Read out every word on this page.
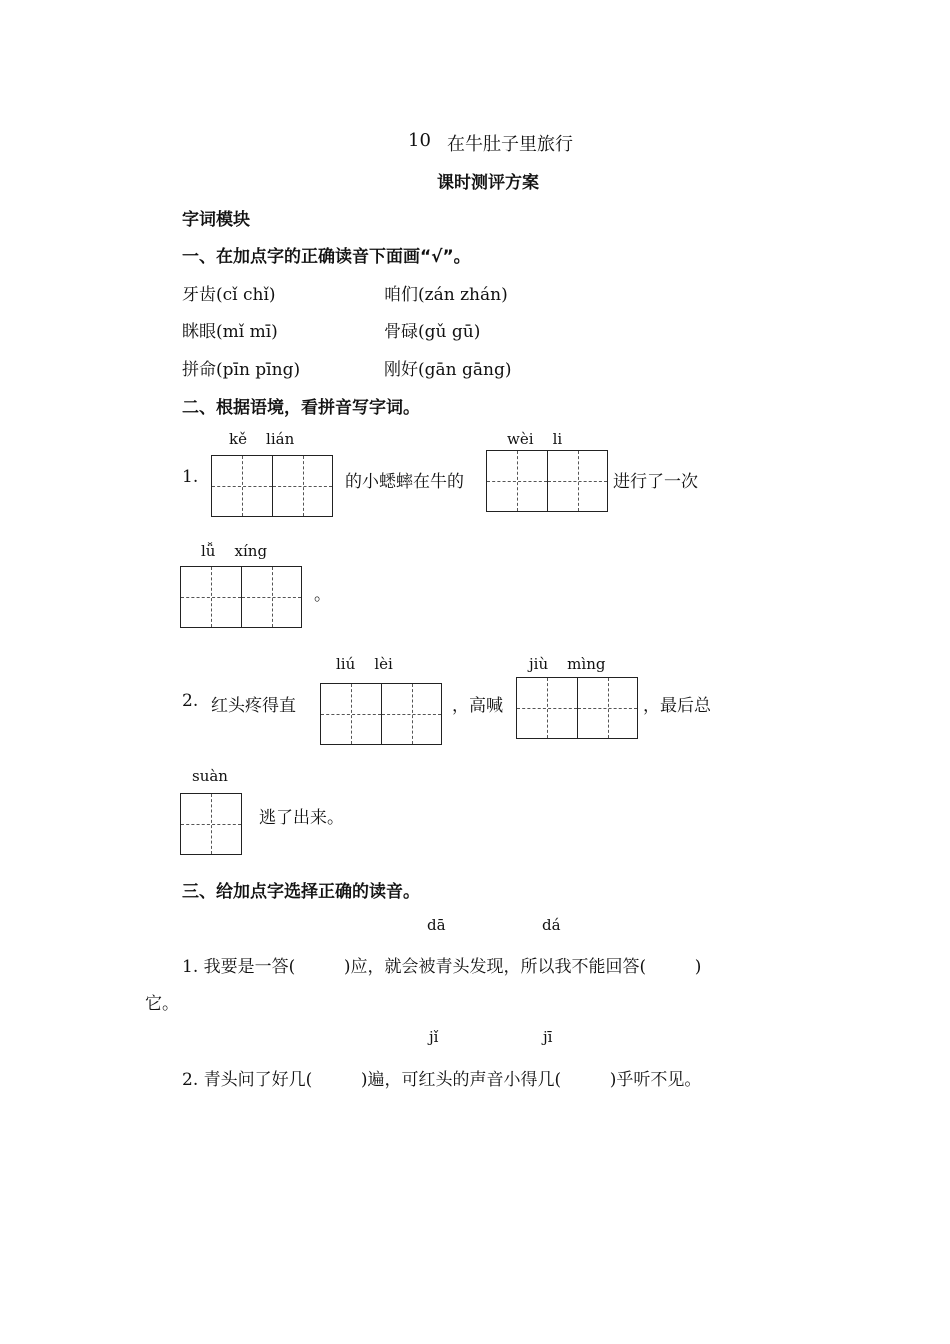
10 在牛肚子里旅行
课时测评方案
字词模块
一、在加点字的正确读音下面画“√”。
牙齿(cǐ chǐ)	咱们(zán zhán)
眯眼(mǐ mī)	骨碌(gǔ gū)
拼命(pīn pīng)	刚好(gān gāng)
二、根据语境，看拼音写字词。
1.
kě    lián
的小蟋蟀在牛的
wèi    li
进行了一次
lǚ    xíng
。
2. 红头疼得直
liú    lèi
，高喊
jiù    mìng
，最后总
suàn
逃了出来。
三、给加点字选择正确的读音。
dā	dá
1. 我要是一答(         )应，就会被青头发现，所以我不能回答(         )
它。
jǐ	jī
2. 青头问了好几(         )遍，可红头的声音小得几(         )乎听不见。
